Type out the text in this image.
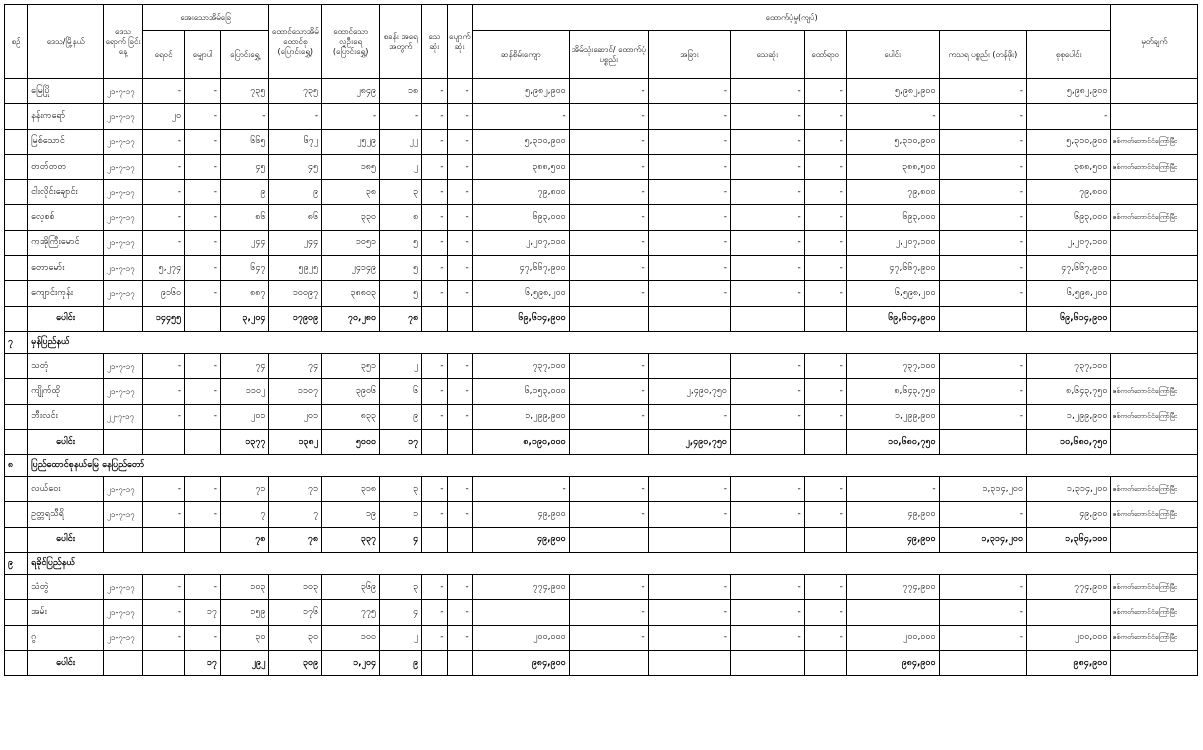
စဉ်	ဒေသ/မြို့နယ်	ဒေသ ရောက် ခြင်းနေ့	အေးသောအိမ်ခြေ			ထောင်သောအိမ် ထောင်စု (ပြောင်းရွှေ့)	ထောင်သောလူဦးရေ (ပြောင်းရွှေ့)	စခန်း အရေ အတွက်	သေ ဆုံး	ပျောက် ဆုံး	ထောက်ပံ့မှု(ကျပ်)								မှတ်ချက်
			ရေဝင်	မျှောပါ	ပြောင်းရွှေ့						ဆန်စိမ်းကျော	အိမ်သုံးဆောင်/ ထောက်ပံ့ပစ္စည်း	အခြား	သေဆုံး	ထော်ရာဝ	ပေါင်း	ကသရ ပစ္စည်း (တန်ဖိုး)	စုစုပေါင်း	
	မြေပြို	၂၁-၇-၁၇	-	-	၇၃၅	၇၃၅	၂၈၄၉	၁၈	-	-	၅,၉၈၂,၉၀၀	-	-	-	-	၅,၉၈၂,၉၀၀	-	၅,၉၈၂,၉၀၀	
	နန်းကရော်	၂၁-၇-၁၇	၂၀	-	-	-	-	-	-	-	-	-	-	-	-	-	-	-	
	မြစ်သောင်	၂၁-၇-၁၇	-	-	၆၆၅	၆၇၂	၂၅၂၉	၂၂	-	-	၅,၃၁၀,၉၀၀	-	-	-	-	၅,၃၁၀,၉၀၀	-	၅,၃၁၀,၉၀၀	ဧစ်ကတ်ဘောင်ငံကြော်မြီး
	တတ်တတ	၂၁-၇-၁၇	-	-	၄၅	၄၅	၁၈၅	၂	-	-	၃၈၈,၅၀၀	-	-	-	-	၃၈၈,၅၀၀	-	၃၈၈,၅၀၀	ဧစ်ကတ်ဘောင်ငံကြော်မြီး
	ငါးလိုင်းချောင်း	၂၁-၇-၁၇	-	-	၉	၉	၃၈	၃	-	-	၇၉,၈၀၀	-	-	-	-	၇၉,၈၀၀	-	၇၉,၈၀၀	
	လေ့စစ်	၂၁-၇-၁၇	-	-	၈၆	၈၆	၃၃၀	၈	-	-	၆၉၃,၀၀၀	-	-	-	-	၆၉၃,၀၀၀	-	၆၉၃,၀၀၀	ဧစ်ကတ်ဘောင်ငံကြော်မြီး
	ကအိုကြီးမောင်	၂၁-၇-၁၇	-	-	၂၄၄	၂၄၄	၁၀၅၁	၅	-	-	၂,၂၀၇,၁၀၀	-	-	-	-	၂,၂၀၇,၁၀၀	-	၂,၂၀၇,၁၀၀	
	တောမော်း	၂၁-၇-၁၇	၅,၂၇၄	-	၆၄၇	၅၉၂၅	၂၄၁၄၉	၅	-	-	၄၇,၆၆၇,၉၀၀	-	-	-	-	၄၇,၆၆၇,၉၀၀	-	၄၇,၆၆၇,၉၀၀	
	ကျောင်းကုန်း	၂၁-၇-၁၇	၉၁၆၀	-	၈၈၇	၁၀၀၉၇	၃၈၈၀၃	၅	-	-	၆,၅၉၈,၂၀၀	-	-	-	-	၆,၅၉၈,၂၀၀	-	၆,၅၉၈,၂၀၀	
	ပေါင်း		၁၄၄၅၅		၃,၂၀၄	၁၇၉၀၉	၇၀,၂၈၀	၇၈			၆၉,၆၁၄,၉၀၀					၆၉,၆၁၄,၉၀၀		၆၉,၆၁၄,၉၀၀	
၇	မှန်ပြည်နယ်																		
	သတုံ	၂၁-၇-၁၇	-	-	၇၄	၇၄	၃၅၁	၂	-	-	၇၃၇,၁၀၀	-		-	-	၇၃၇,၁၀၀	-	၇၃၇,၁၀၀	
	ကျိုက်ထို	၂၁-၇-၁၇	-	-	၁၁၀၂	၁၁၀၇	၃၉၀၆	၆	-	-	၆,၁၅၃,၀၀၀	-	၂,၄၉၀,၇၅၀	-	-	၈,၆၄၃,၇၅၀	-	၈,၆၄၃,၇၅၀	ဧစ်ကတ်ဘောင်ငံကြော်မြီး
	ဘီးလင်း	၂၂-၇-၁၇	-	-	၂၀၁	၂၀၁	၈၃၃	၉	-	-	၁,၂၉၉,၉၀၀	-	-	-	-	၁,၂၉၉,၉၀၀	-	၁,၂၉၉,၉၀၀	ဧစ်ကတ်ဘောင်ငံကြော်မြီး
	ပေါင်း				၁၃၇၇	၁၃၈၂	၅၀၀၀	၁၇			၈,၁၉၀,၀၀၀		၂,၄၉၀,၇၅၀			၁၀,၆၈၀,၇၅၀		၁၀,၆၈၀,၇၅၀	
၈	ပြည်ထောင်စုနယ်မြေ နေပြည်တော်																		
	လယ်ဝေး	၂၁-၇-၁၇	-	-	၇၁	၇၁	၃၁၈	၃	-	-	-	-	-	-	-	-	၁,၃၁၄,၂၀၀	၁,၃၁၄,၂၀၀	ဧစ်ကတ်ဘောင်ငံကြော်မြီး
	ဥတ္တရသီရိ	၂၁-၇-၁၇	-	-	၇	၇	၁၉	၁	-	-	၄၉,၉၀၀	-	-	-	-	၄၉,၉၀၀	-	၄၉,၉၀၀	ဧစ်ကတ်ဘောင်ငံကြော်မြီး
	ပေါင်း				၇၈	၇၈	၃၃၇	၄			၄၉,၉၀၀					၄၉,၉၀၀	၁,၃၁၄,၂၀၀	၁,၃၆၄,၁၀၀	
၉	ရခိုင်ပြည်နယ်																		
	သံတွဲ	၂၁-၇-၁၇	-	-	၁၀၃	၁၀၃	၃၆၉	၃	-	-	၇၇၄,၉၀၀	-	-	-	-	၇၇၄,၉၀၀	-	၇၇၄,၉၀၀	ဧစ်ကတ်ဘောင်ငံကြော်မြီး
	အမ်း	၂၁-၇-၁၇	-	၁၇	၁၅၉	၁၇၆	၇၇၅	၄	-	-		-	-	-	-		-		ဧစ်ကတ်ဘောင်ငံကြော်မြီး
	ဂွ	၂၁-၇-၁၇	-	-	၃၀	၃၀	၁၀၀	၂	-	-	၂၀၀,၀၀၀	-	-	-	-	၂၀၀,၀၀၀	-	၂၀၀,၀၀၀	ဧစ်ကတ်ဘောင်ငံကြော်မြီး
	ပေါင်း			၁၇	၂၉၂	၃၀၉	၁,၂၀၄	၉			၉၈၄,၉၀၀					၉၈၄,၉၀၀		၉၈၄,၉၀၀	
